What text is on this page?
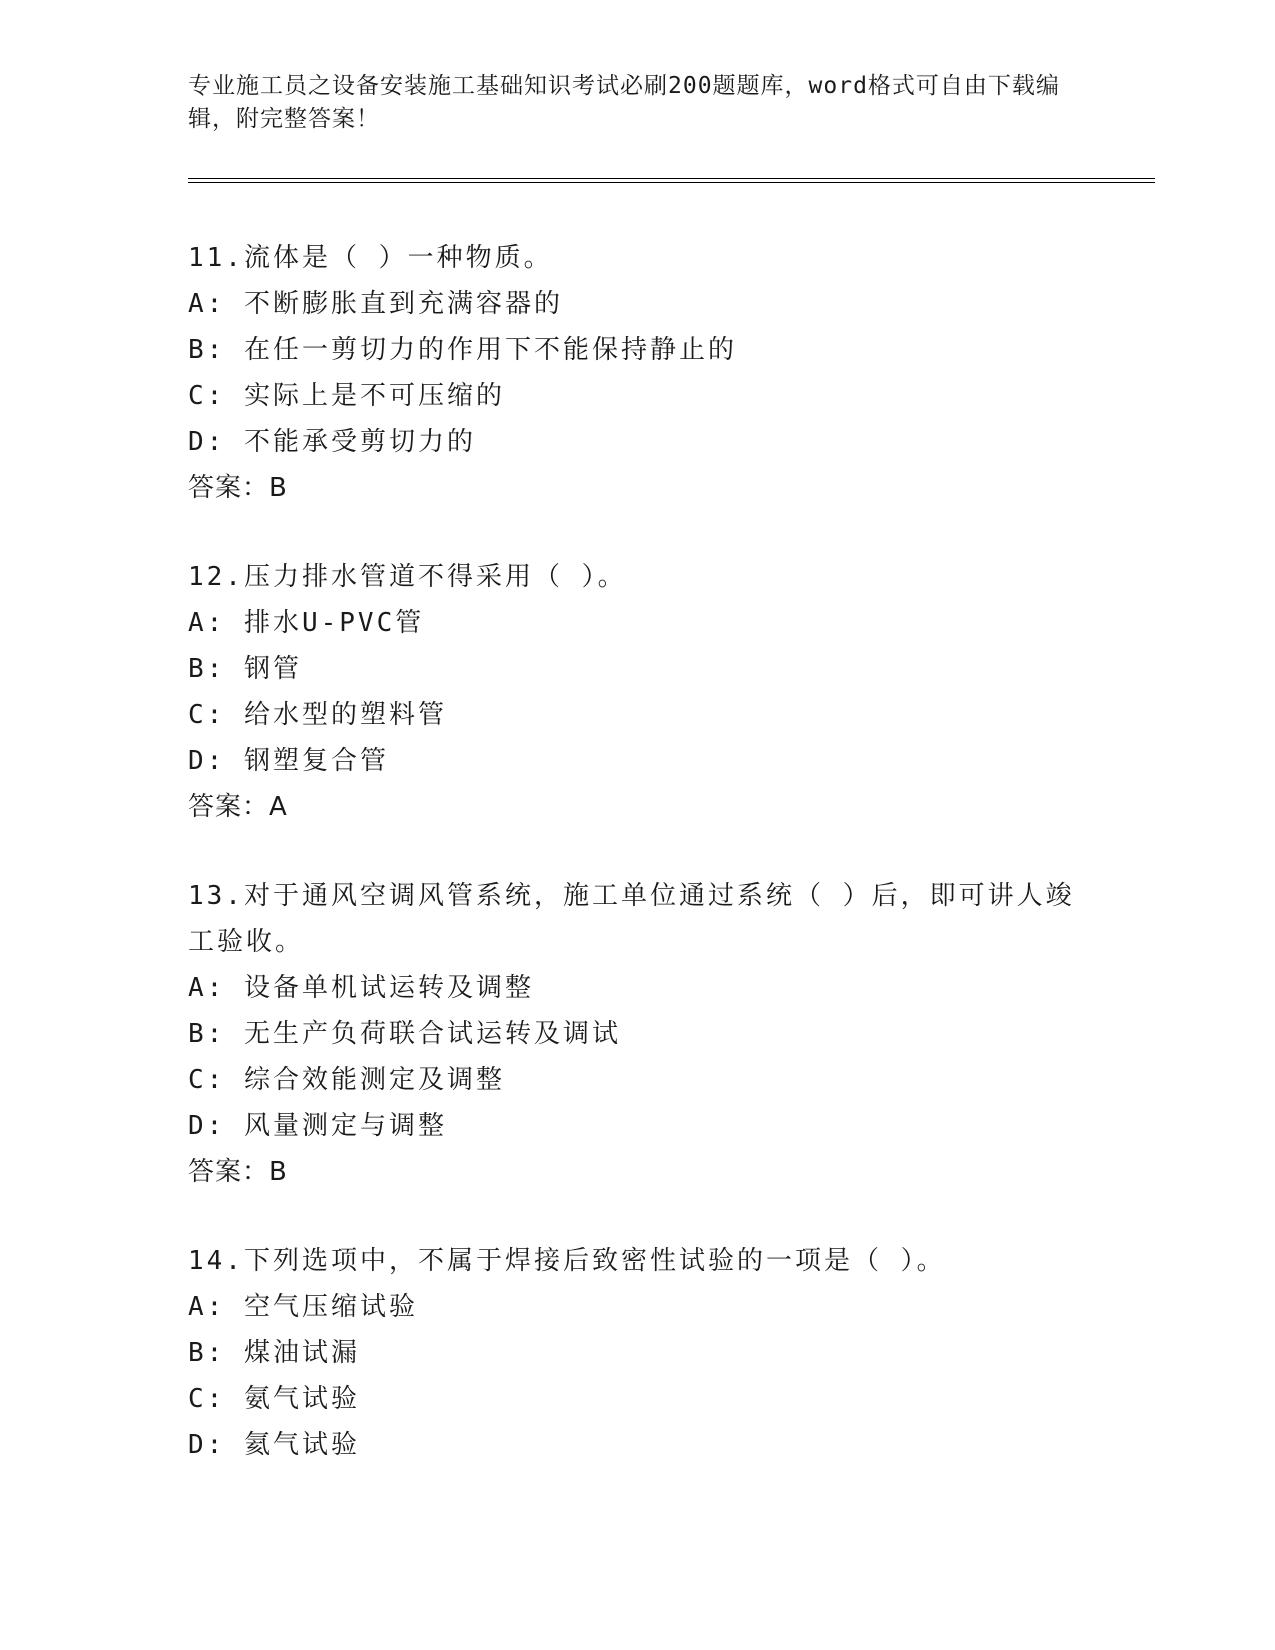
专业施工员之设备安装施工基础知识考试必刷200题题库，word格式可自由下载编辑，附完整答案！
11.流体是（ ）一种物质。
A: 不断膨胀直到充满容器的
B: 在任一剪切力的作用下不能保持静止的
C: 实际上是不可压缩的
D: 不能承受剪切力的
答案：B
12.压力排水管道不得采用（ ）。
A: 排水U-PVC管
B: 钢管
C: 给水型的塑料管
D: 钢塑复合管
答案：A
13.对于通风空调风管系统，施工单位通过系统（ ）后，即可讲人竣工验收。
A: 设备单机试运转及调整
B: 无生产负荷联合试运转及调试
C: 综合效能测定及调整
D: 风量测定与调整
答案：B
14.下列选项中，不属于焊接后致密性试验的一项是（ ）。
A: 空气压缩试验
B: 煤油试漏
C: 氨气试验
D: 氦气试验
